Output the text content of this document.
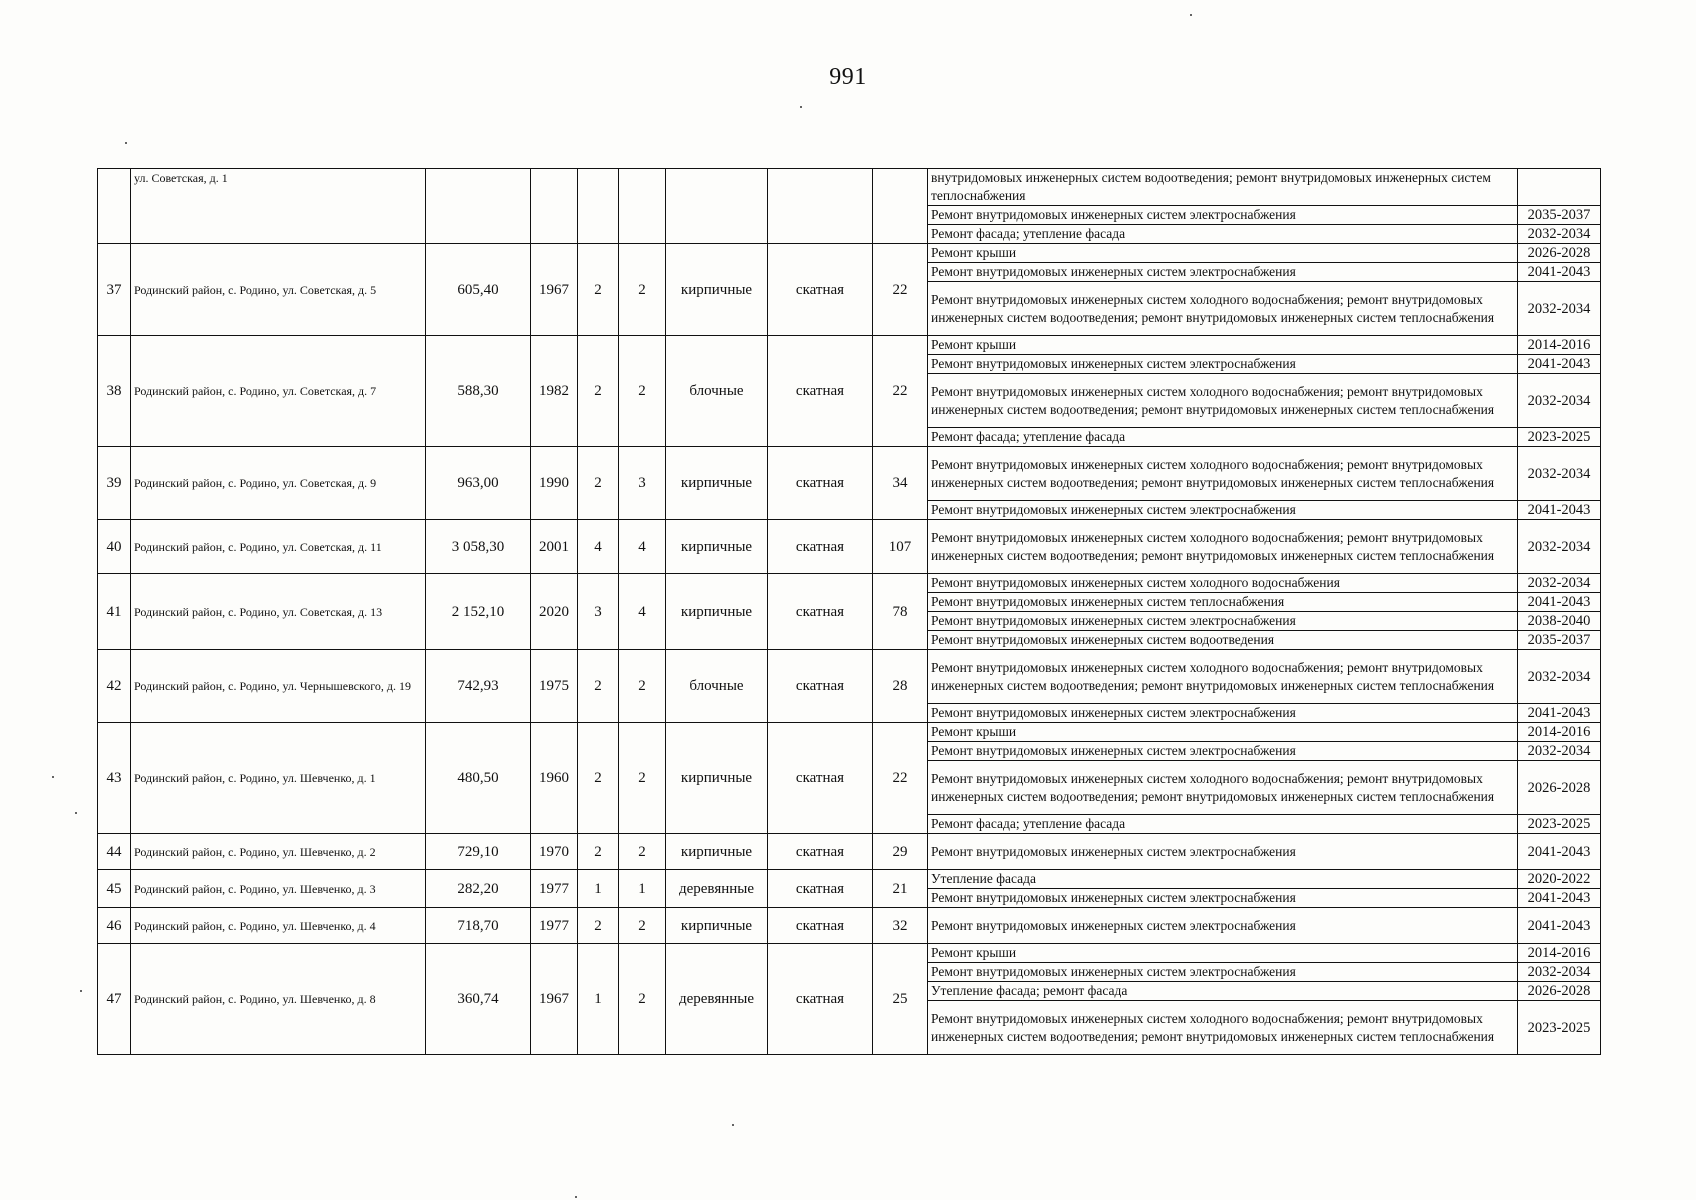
991
	ул. Советская, д. 1								внутридомовых инженерных систем водоотведения; ремонт внутридомовых инженерных систем теплоснабжения	
									Ремонт внутридомовых инженерных систем электроснабжения	2035-2037
									Ремонт фасада; утепление фасада	2032-2034
37	Родинский район, с. Родино, ул. Советская, д. 5	605,40	1967	2	2	кирпичные	скатная	22	Ремонт крыши	2026-2028
									Ремонт внутридомовых инженерных систем электроснабжения	2041-2043
									Ремонт внутридомовых инженерных систем холодного водоснабжения; ремонт внутридомовых инженерных систем водоотведения; ремонт внутридомовых инженерных систем теплоснабжения	2032-2034
38	Родинский район, с. Родино, ул. Советская, д. 7	588,30	1982	2	2	блочные	скатная	22	Ремонт крыши	2014-2016
									Ремонт внутридомовых инженерных систем электроснабжения	2041-2043
									Ремонт внутридомовых инженерных систем холодного водоснабжения; ремонт внутридомовых инженерных систем водоотведения; ремонт внутридомовых инженерных систем теплоснабжения	2032-2034
									Ремонт фасада; утепление фасада	2023-2025
39	Родинский район, с. Родино, ул. Советская, д. 9	963,00	1990	2	3	кирпичные	скатная	34	Ремонт внутридомовых инженерных систем холодного водоснабжения; ремонт внутридомовых инженерных систем водоотведения; ремонт внутридомовых инженерных систем теплоснабжения	2032-2034
									Ремонт внутридомовых инженерных систем электроснабжения	2041-2043
40	Родинский район, с. Родино, ул. Советская, д. 11	3 058,30	2001	4	4	кирпичные	скатная	107	Ремонт внутридомовых инженерных систем холодного водоснабжения; ремонт внутридомовых инженерных систем водоотведения; ремонт внутридомовых инженерных систем теплоснабжения	2032-2034
41	Родинский район, с. Родино, ул. Советская, д. 13	2 152,10	2020	3	4	кирпичные	скатная	78	Ремонт внутридомовых инженерных систем холодного водоснабжения	2032-2034
									Ремонт внутридомовых инженерных систем теплоснабжения	2041-2043
									Ремонт внутридомовых инженерных систем электроснабжения	2038-2040
									Ремонт внутридомовых инженерных систем водоотведения	2035-2037
42	Родинский район, с. Родино, ул. Чернышевского, д. 19	742,93	1975	2	2	блочные	скатная	28	Ремонт внутридомовых инженерных систем холодного водоснабжения; ремонт внутридомовых инженерных систем водоотведения; ремонт внутридомовых инженерных систем теплоснабжения	2032-2034
									Ремонт внутридомовых инженерных систем электроснабжения	2041-2043
43	Родинский район, с. Родино, ул. Шевченко, д. 1	480,50	1960	2	2	кирпичные	скатная	22	Ремонт крыши	2014-2016
									Ремонт внутридомовых инженерных систем электроснабжения	2032-2034
									Ремонт внутридомовых инженерных систем холодного водоснабжения; ремонт внутридомовых инженерных систем водоотведения; ремонт внутридомовых инженерных систем теплоснабжения	2026-2028
									Ремонт фасада; утепление фасада	2023-2025
44	Родинский район, с. Родино, ул. Шевченко, д. 2	729,10	1970	2	2	кирпичные	скатная	29	Ремонт внутридомовых инженерных систем электроснабжения	2041-2043
45	Родинский район, с. Родино, ул. Шевченко, д. 3	282,20	1977	1	1	деревянные	скатная	21	Утепление фасада	2020-2022
									Ремонт внутридомовых инженерных систем электроснабжения	2041-2043
46	Родинский район, с. Родино, ул. Шевченко, д. 4	718,70	1977	2	2	кирпичные	скатная	32	Ремонт внутридомовых инженерных систем электроснабжения	2041-2043
47	Родинский район, с. Родино, ул. Шевченко, д. 8	360,74	1967	1	2	деревянные	скатная	25	Ремонт крыши	2014-2016
									Ремонт внутридомовых инженерных систем электроснабжения	2032-2034
									Утепление фасада; ремонт фасада	2026-2028
									Ремонт внутридомовых инженерных систем холодного водоснабжения; ремонт внутридомовых инженерных систем водоотведения; ремонт внутридомовых инженерных систем теплоснабжения	2023-2025
